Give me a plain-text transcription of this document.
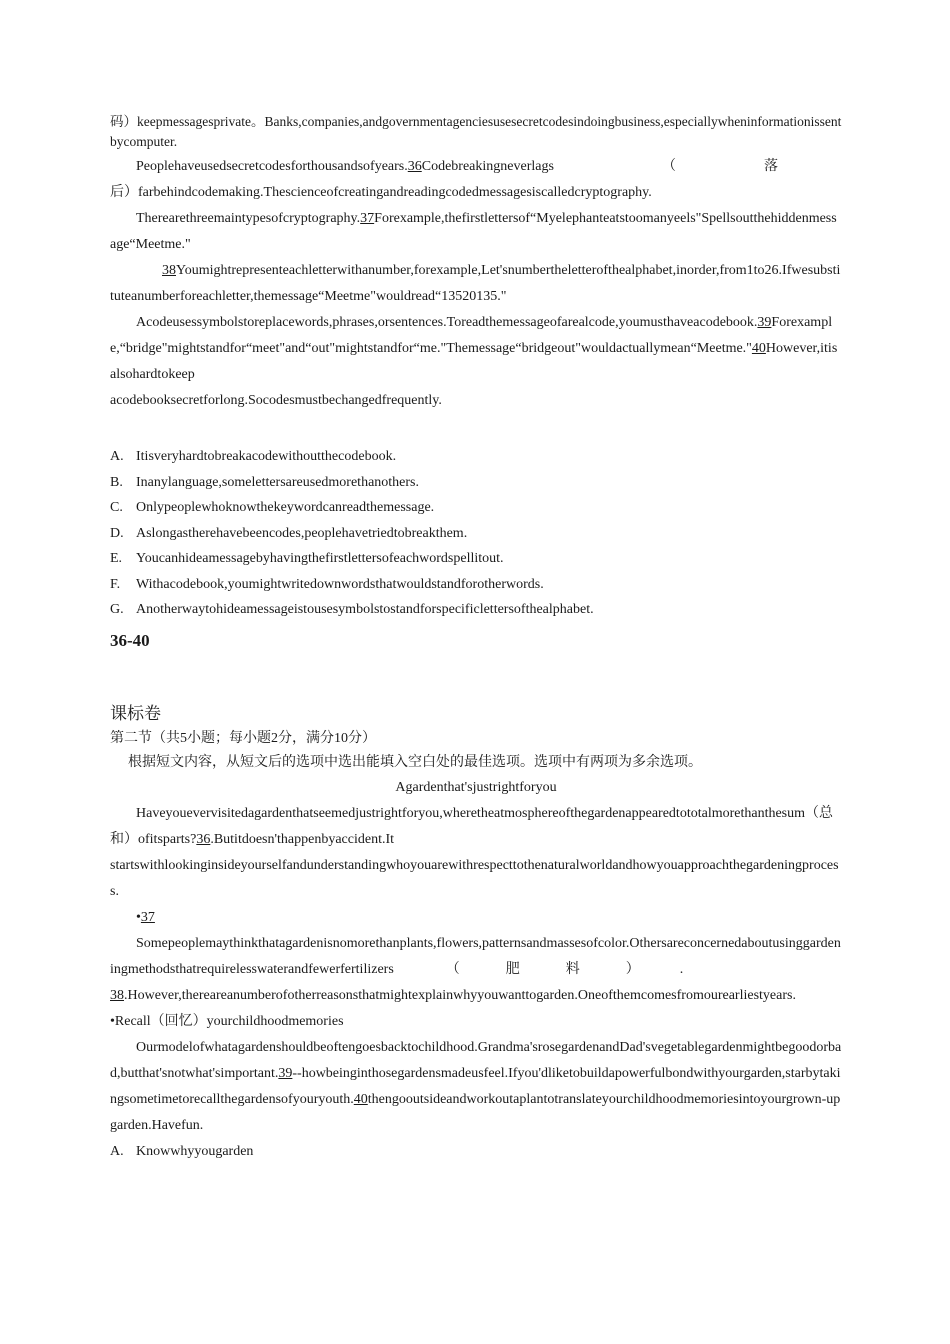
码）keepmessagesprivate。Banks,companies,andgovernmentagenciesusesecretcodesindoingbusiness,especiallywheninformationissentbycomputer.

Peoplehaveusedsecretcodesforthousandsofyears.36Codebreakingneverlags	（	落

后）farbehindcodemaking.Thescienceofcreatingandreadingcodedmessagesiscalledcryptography.

Therearethreemaintypesofcryptography.37Forexample,thefirstlettersof“Myelephanteatstoomanyeels"Spellsoutthehiddenmessage“Meetme."

38Youmightrepresenteachletterwithanumber,forexample,Let'snumbertheletterofthealphabet,inorder,from1to26.Ifwesubstituteanumberforeachletter,themessage“Meetme"wouldread“13520135."

Acodeusessymbolstoreplacewords,phrases,orsentences.Toreadthemessageofarealcode,youmusthaveacodebook.39Forexample,“bridge"mightstandfor“meet"and“out"mightstandfor“me."Themessage“bridgeout"wouldactuallymean“Meetme."40However,itisalsohardtokeep

acodebooksecretforlong.Socodesmustbechangedfrequently.

A. Itisveryhardtobreakacodewithoutthecodebook.
B. Inanylanguage,somelettersareusedmorethanothers.
C. Onlypeoplewhoknowthekeywordcanreadthemessage.
D. Aslongastherehavebeencodes,peoplehavetriedtobreakthem.
E. Youcanhideamessagebyhavingthefirstlettersofeachwordspellitout.
F.	Withacodebook,youmightwritedownwordsthatwouldstandforotherwords.
G. Anotherwaytohideamessageistousesymbolstostandforspecificlettersofthealphabet.
36-40
课标卷
第二节（共5小题；每小题2分，满分10分）
根据短文内容，从短文后的选项中选出能填入空白处的最佳选项。选项中有两项为多余选项。
Agardenthat'sjustrightforyou

Haveyouevervisitedagardenthatseemedjustrightforyou,wheretheatmosphereofthegardenappearedtototalmorethanthesum（总和）ofitsparts?36.Butitdoesn'thappenbyaccident.It

startswithlookinginsideyourselfandunderstandingwhoyouarewithrespecttothenaturalworldandhowyouapproachthegardeningprocess.

•37

Somepeoplemaythinkthatagardenisnomorethanplants,flowers,patternsandmassesofcolor.Othersareconcernedaboutusinggardeningmethodsthatrequirelesswaterandfewerfertilizers	（　　肥　　料　　） .

38.However,thereareanumberofotherreasonsthatmightexplainwhyyouwanttogarden.Oneofthemcomesfromourearliestyears.

•Recall（回忆）yourchildhoodmemories

Ourmodelofwhatagardenshouldbeoftengoesbacktochildhood.Grandma'srosegardenandDad'svegetablegardenmightbegoodorbad,butthat'snotwhat'simportant.39--howbeinginthosegardensmadeusfeel.Ifyou'dliketobuildapowerfulbondwithyourgarden,starbytakingsometimetorecallthegardensofyouryouth.40thengooutsideandworkoutaplantotranslateyourchildhoodmemoriesintoyourgrown-upgarden.Havefun.

A. Knowwhyyougarden
